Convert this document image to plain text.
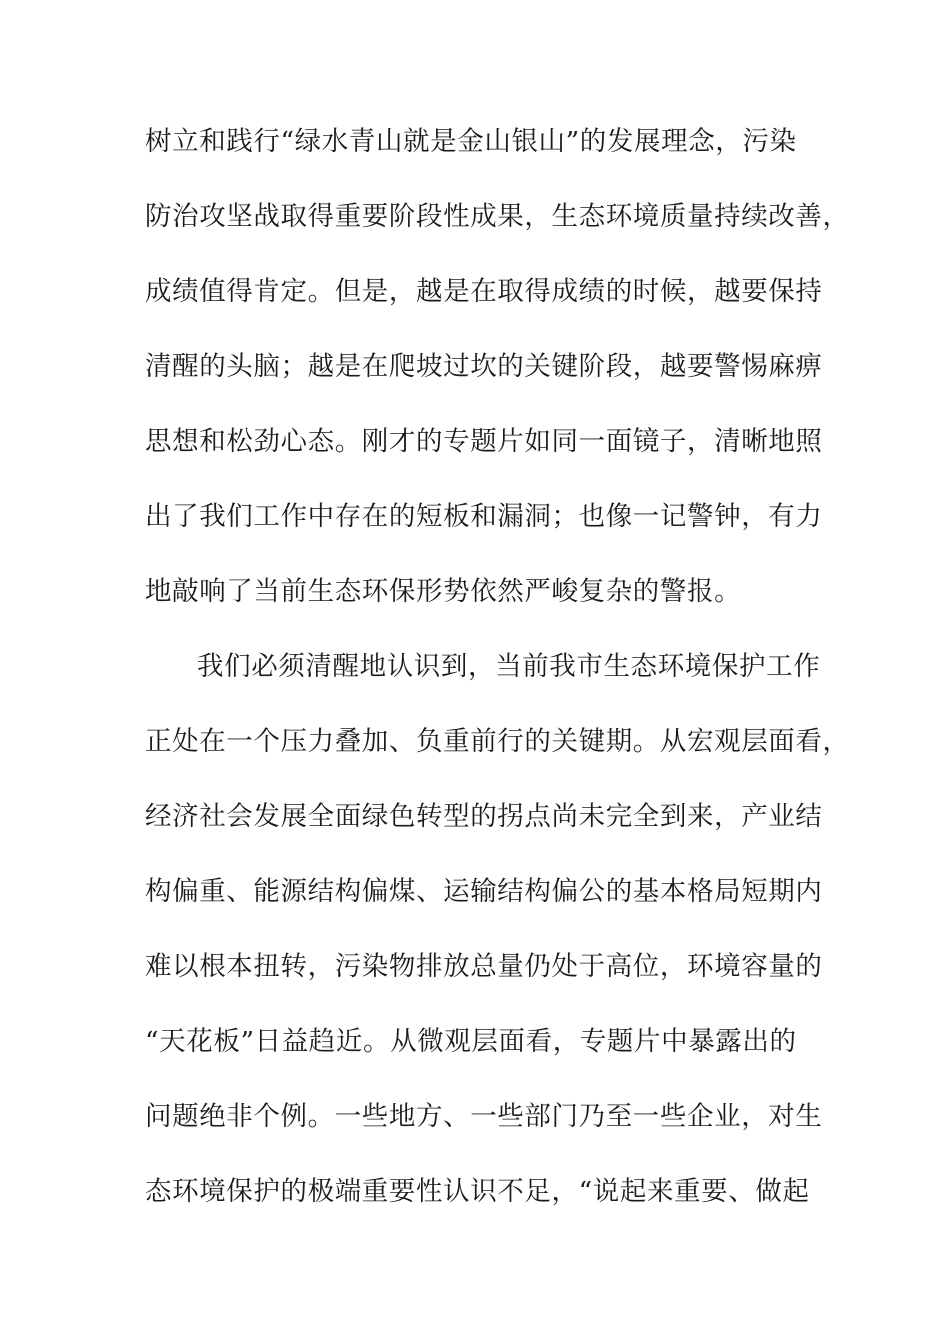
树立和践行“绿水青山就是金山银山”的发展理念，污染
防治攻坚战取得重要阶段性成果，生态环境质量持续改善，
成绩值得肯定。但是，越是在取得成绩的时候，越要保持
清醒的头脑；越是在爬坡过坎的关键阶段，越要警惕麻痹
思想和松劲心态。刚才的专题片如同一面镜子，清晰地照
出了我们工作中存在的短板和漏洞；也像一记警钟，有力
地敲响了当前生态环保形势依然严峻复杂的警报。
我们必须清醒地认识到，当前我市生态环境保护工作
正处在一个压力叠加、负重前行的关键期。从宏观层面看，
经济社会发展全面绿色转型的拐点尚未完全到来，产业结
构偏重、能源结构偏煤、运输结构偏公的基本格局短期内
难以根本扭转，污染物排放总量仍处于高位，环境容量的
“天花板”日益趋近。从微观层面看，专题片中暴露出的
问题绝非个例。一些地方、一些部门乃至一些企业，对生
态环境保护的极端重要性认识不足，“说起来重要、做起
